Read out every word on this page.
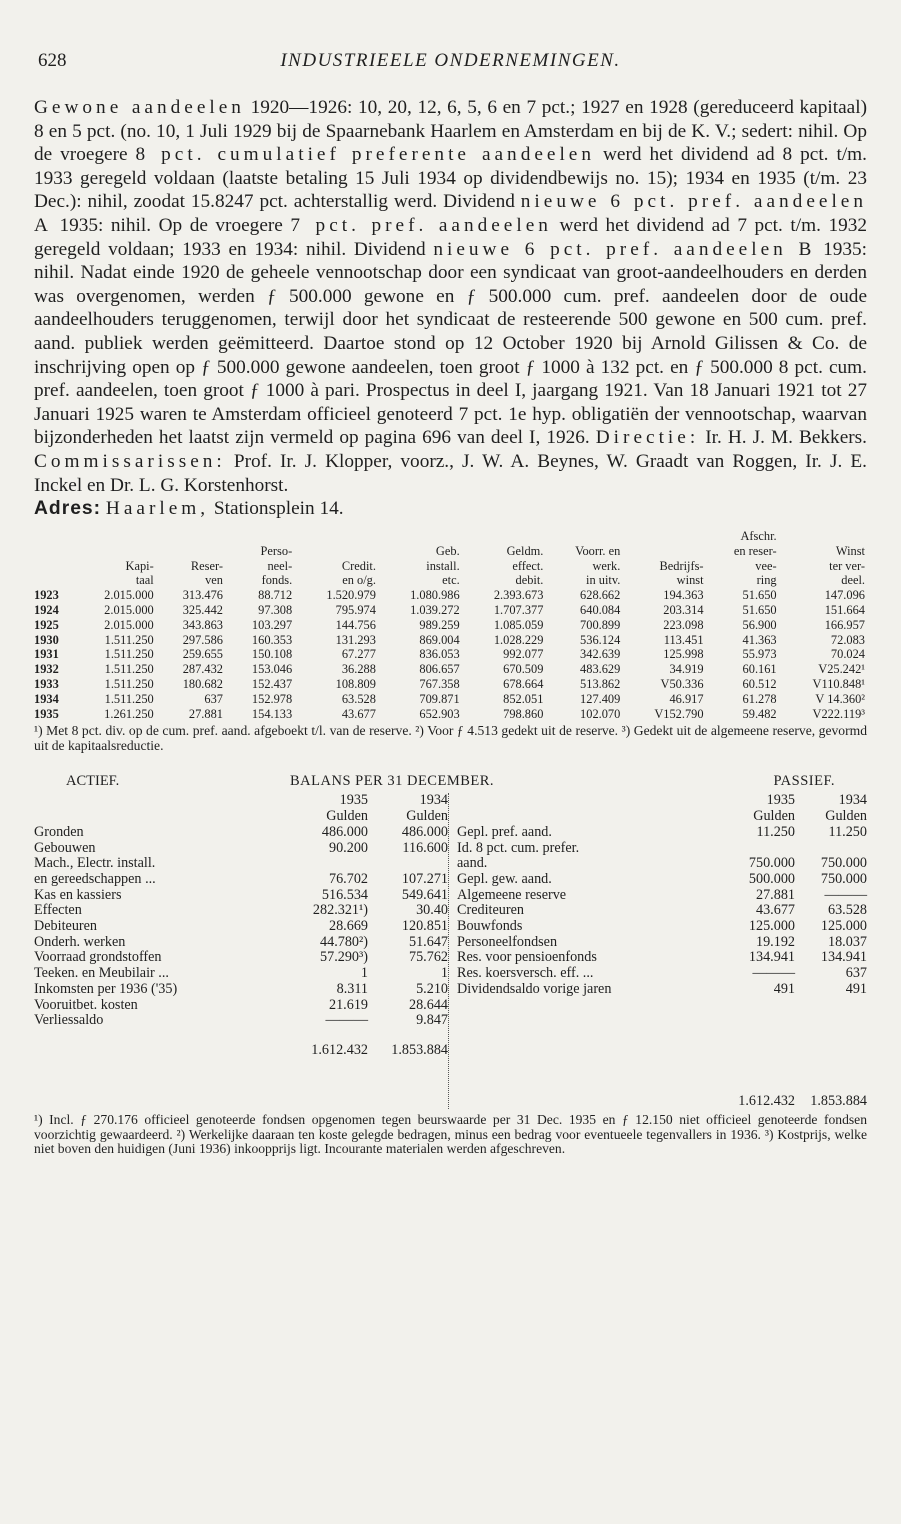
628	INDUSTRIEELE ONDERNEMINGEN.

Gewone aandeelen 1920—1926: 10, 20, 12, 6, 5, 6 en 7 pct.; 1927 en 1928 (gereduceerd kapitaal) 8 en 5 pct. (no. 10, 1 Juli 1929 bij de Spaarnebank Haarlem en Amsterdam en bij de K. V.; sedert: nihil. Op de vroegere 8 pct. cumulatief preferente aandeelen werd het dividend ad 8 pct. t/m. 1933 geregeld voldaan (laatste betaling 15 Juli 1934 op dividendbewijs no. 15); 1934 en 1935 (t/m. 23 Dec.): nihil, zoodat 15.8247 pct. achterstallig werd. Dividend nieuwe 6 pct. pref. aandeelen A 1935: nihil. Op de vroegere 7 pct. pref. aandeelen werd het dividend ad 7 pct. t/m. 1932 geregeld voldaan; 1933 en 1934: nihil. Dividend nieuwe 6 pct. pref. aandeelen B 1935: nihil. Nadat einde 1920 de geheele vennootschap door een syndicaat van groot-aandeelhouders en derden was overgenomen, werden ƒ 500.000 gewone en ƒ 500.000 cum. pref. aandeelen door de oude aandeelhouders teruggenomen, terwijl door het syndicaat de resteerende 500 gewone en 500 cum. pref. aand. publiek werden geëmitteerd. Daartoe stond op 12 October 1920 bij Arnold Gilissen & Co. de inschrijving open op ƒ 500.000 gewone aandeelen, toen groot ƒ 1000 à 132 pct. en ƒ 500.000 8 pct. cum. pref. aandeelen, toen groot ƒ 1000 à pari. Prospectus in deel I, jaargang 1921. Van 18 Januari 1921 tot 27 Januari 1925 waren te Amsterdam officieel genoteerd 7 pct. 1e hyp. obligatiën der vennootschap, waarvan bijzonderheden het laatst zijn vermeld op pagina 696 van deel I, 1926. Directie: Ir. H. J. M. Bekkers. Commissarissen: Prof. Ir. J. Klopper, voorz., J. W. A. Beynes, W. Graadt van Roggen, Ir. J. E. Inckel en Dr. L. G. Korstenhorst.

Adres: Haarlem, Stationsplein 14.

									Afschr.	
			Perso-		Geb.	Geldm.	Voorr. en		en reser-	Winst
	Kapi-	Reser-	neel-	Credit.	install.	effect.	werk.	Bedrijfs-	vee-	ter ver-
	taal	ven	fonds.	en o/g.	etc.	debit.	in uitv.	winst	ring	deel.
1923	2.015.000	313.476	88.712	1.520.979	1.080.986	2.393.673	628.662	194.363	51.650	147.096
1924	2.015.000	325.442	97.308	795.974	1.039.272	1.707.377	640.084	203.314	51.650	151.664
1925	2.015.000	343.863	103.297	144.756	989.259	1.085.059	700.899	223.098	56.900	166.957
1930	1.511.250	297.586	160.353	131.293	869.004	1.028.229	536.124	113.451	41.363	72.083
1931	1.511.250	259.655	150.108	67.277	836.053	992.077	342.639	125.998	55.973	70.024
1932	1.511.250	287.432	153.046	36.288	806.657	670.509	483.629	34.919	60.161	V25.242¹
1933	1.511.250	180.682	152.437	108.809	767.358	678.664	513.862	V50.336	60.512	V110.848¹
1934	1.511.250	637	152.978	63.528	709.871	852.051	127.409	46.917	61.278	V 14.360²
1935	1.261.250	27.881	154.133	43.677	652.903	798.860	102.070	V152.790	59.482	V222.119³

¹) Met 8 pct. div. op de cum. pref. aand. afgeboekt t/l. van de reserve. ²) Voor ƒ 4.513 gedekt uit de reserve. ³) Gedekt uit de algemeene reserve, gevormd uit de kapitaalsreductie.

ACTIEF.	BALANS PER 31 DECEMBER.	PASSIEF.
1935	1934
Gulden	Gulden
Gronden	486.000	486.000
Gebouwen	90.200	116.600
Mach., Electr. install.
en gereedschappen ...	76.702	107.271
Kas en kassiers	516.534	549.641
Effecten	282.321¹)	30.40
Debiteuren	28.669	120.851
Onderh. werken	44.780²)	51.647
Voorraad grondstoffen	57.290³)	75.762
Teeken. en Meubilair ...	1	1
Inkomsten per 1936 ('35)	8.311	5.210
Vooruitbet. kosten	21.619	28.644
Verliessaldo	———	9.847
1.612.432	1.853.884
1935	1934
Gulden	Gulden
Gepl. pref. aand.	11.250	11.250
Id. 8 pct. cum. prefer.
aand.	750.000	750.000
Gepl. gew. aand.	500.000	750.000
Algemeene reserve	27.881	———
Crediteuren	43.677	63.528
Bouwfonds	125.000	125.000
Personeelfondsen	19.192	18.037
Res. voor pensioenfonds	134.941	134.941
Res. koersversch. eff. ...	———	637
Dividendsaldo vorige jaren	491	491
1.612.432	1.853.884

¹) Incl. ƒ 270.176 officieel genoteerde fondsen opgenomen tegen beurswaarde per 31 Dec. 1935 en ƒ 12.150 niet officieel genoteerde fondsen voorzichtig gewaardeerd. ²) Werkelijke daaraan ten koste gelegde bedragen, minus een bedrag voor eventueele tegenvallers in 1936. ³) Kostprijs, welke niet boven den huidigen (Juni 1936) inkoopprijs ligt. Incourante materialen werden afgeschreven.
